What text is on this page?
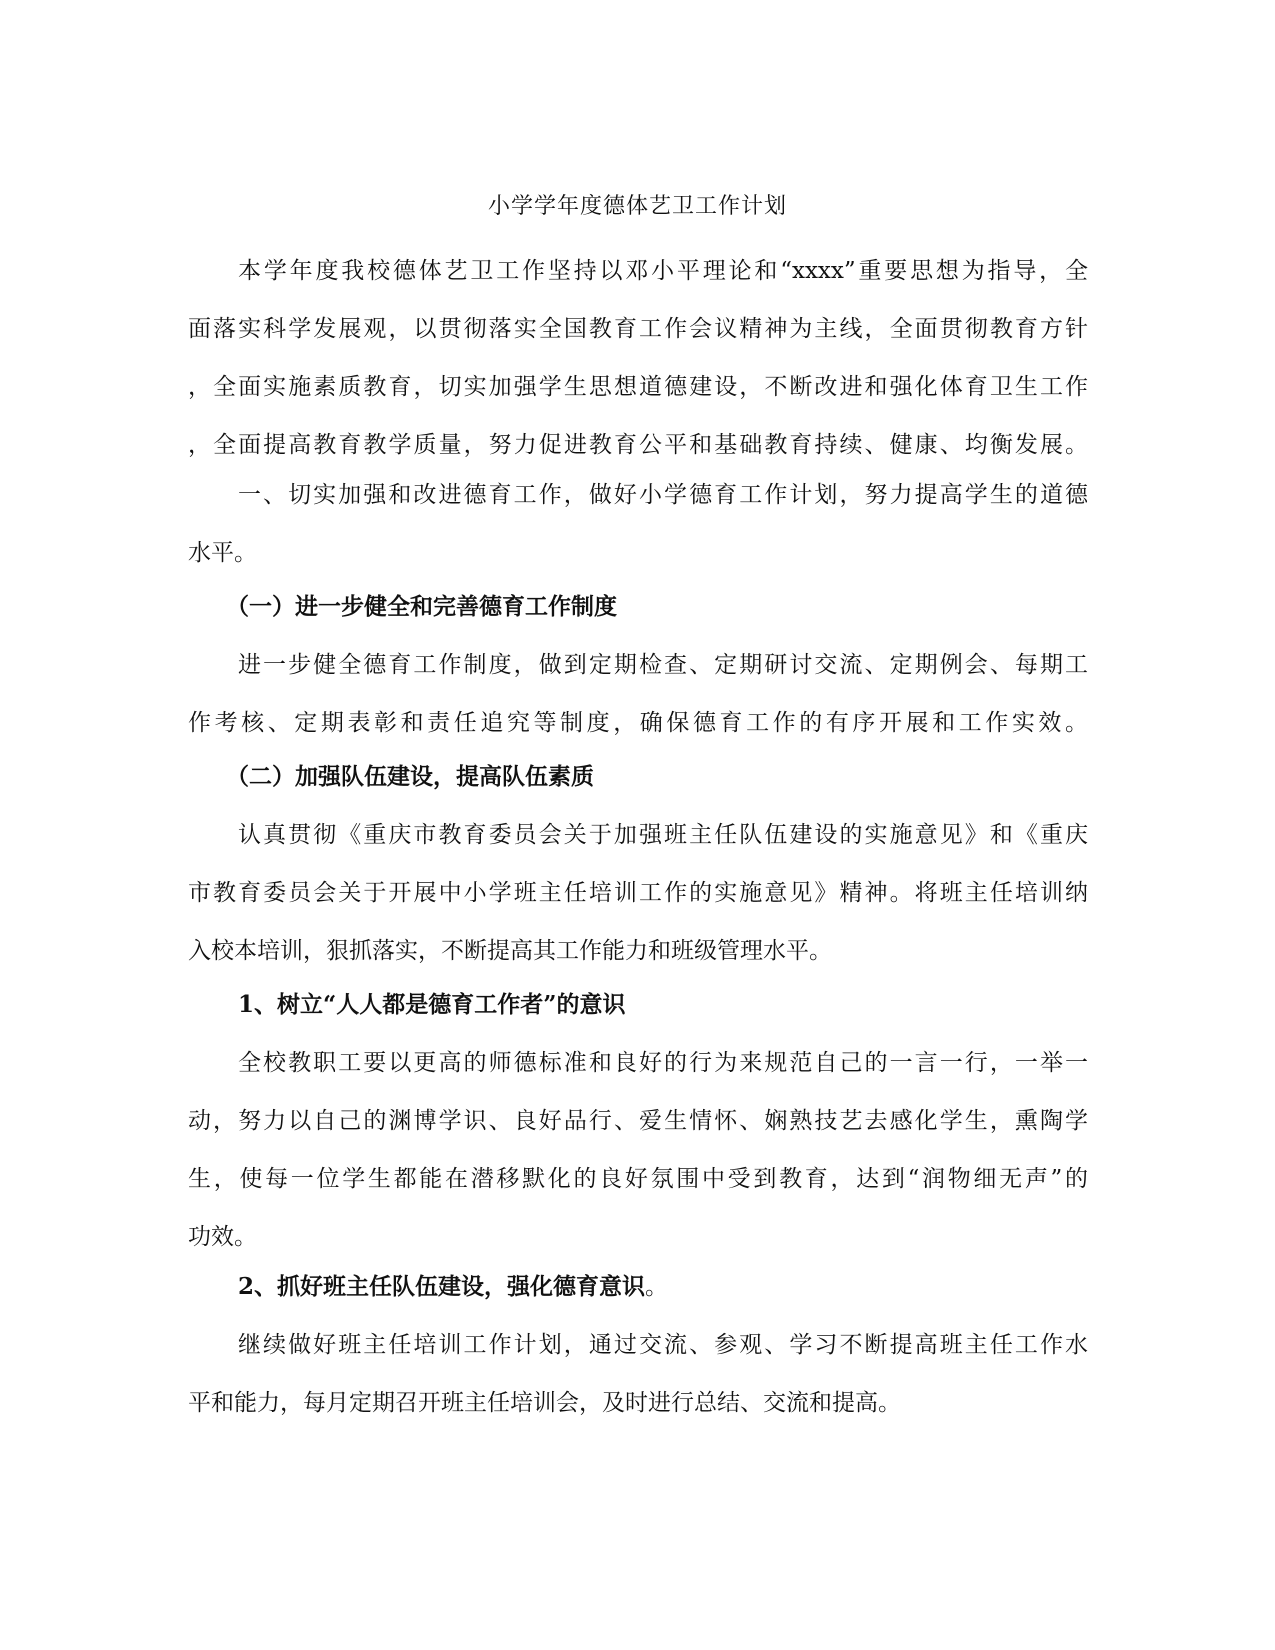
小学学年度德体艺卫工作计划
本学年度我校德体艺卫工作坚持以邓小平理论和“xxxx”重要思想为指导，全
面落实科学发展观，以贯彻落实全国教育工作会议精神为主线，全面贯彻教育方针
，全面实施素质教育，切实加强学生思想道德建设，不断改进和强化体育卫生工作
，全面提高教育教学质量，努力促进教育公平和基础教育持续、健康、均衡发展。
一、切实加强和改进德育工作，做好小学德育工作计划，努力提高学生的道德
水平。
（一）进一步健全和完善德育工作制度
进一步健全德育工作制度，做到定期检查、定期研讨交流、定期例会、每期工
作考核、定期表彰和责任追究等制度，确保德育工作的有序开展和工作实效。
（二）加强队伍建设，提高队伍素质
认真贯彻《重庆市教育委员会关于加强班主任队伍建设的实施意见》和《重庆
市教育委员会关于开展中小学班主任培训工作的实施意见》精神。将班主任培训纳
入校本培训，狠抓落实，不断提高其工作能力和班级管理水平。
1、树立“人人都是德育工作者”的意识
全校教职工要以更高的师德标准和良好的行为来规范自己的一言一行，一举一
动，努力以自己的渊博学识、良好品行、爱生情怀、娴熟技艺去感化学生，熏陶学
生，使每一位学生都能在潜移默化的良好氛围中受到教育，达到“润物细无声”的
功效。
2、抓好班主任队伍建设，强化德育意识。
继续做好班主任培训工作计划，通过交流、参观、学习不断提高班主任工作水
平和能力，每月定期召开班主任培训会，及时进行总结、交流和提高。
